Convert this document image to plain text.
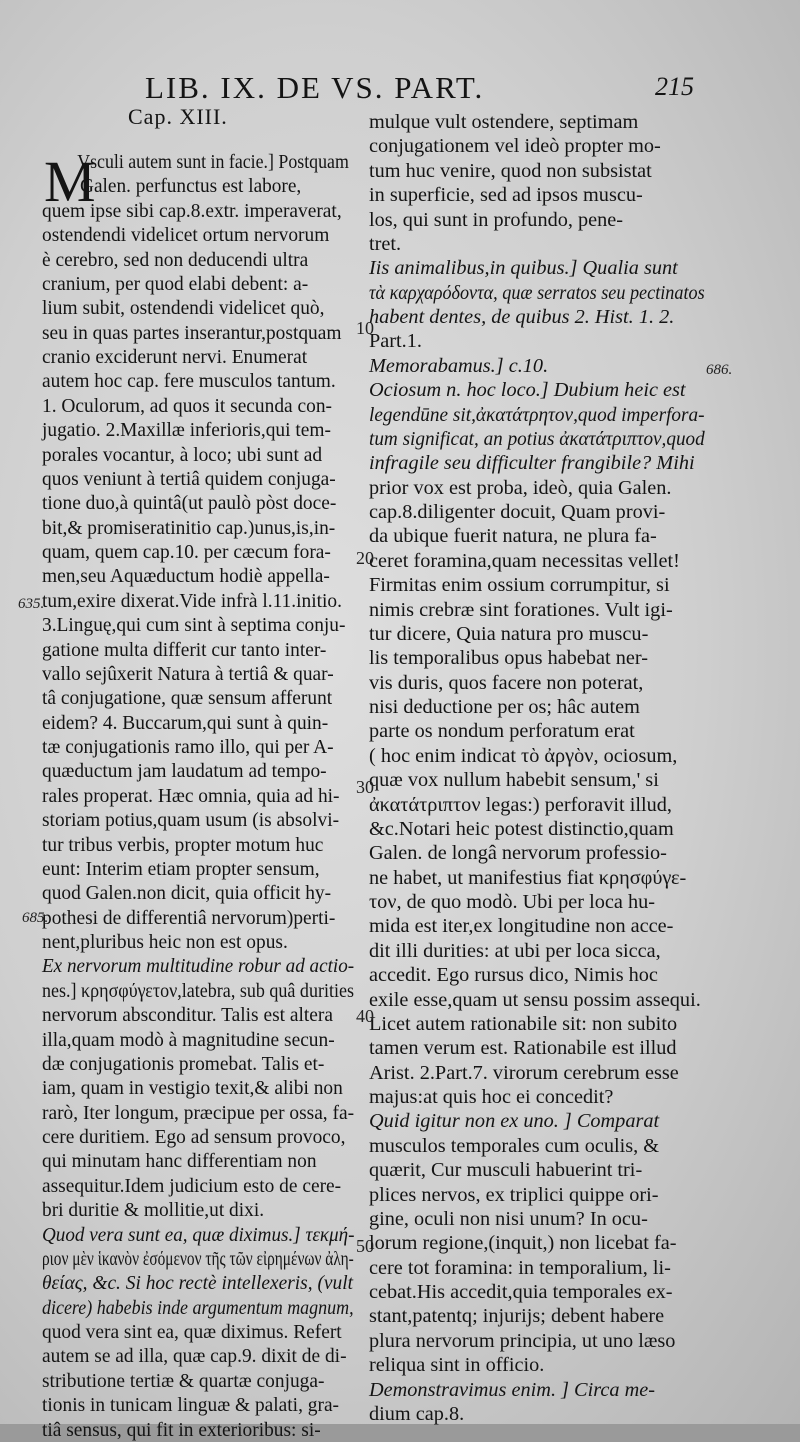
LIB. IX. DE VS. PART.	215
Cap. XIII.
M
Vsculi autem sunt in facie.] Postquam
Galen. perfunctus est labore,
quem ipse sibi cap.8.extr. imperaverat,
ostendendi videlicet ortum nervorum
è cerebro, sed non deducendi ultra
cranium, per quod elabi debent: a-
lium subit, ostendendi videlicet quò,
seu in quas partes inserantur,postquam
cranio exciderunt nervi. Enumerat
autem hoc cap. fere musculos tantum.
1. Oculorum, ad quos it secunda con-
jugatio. 2.Maxillæ inferioris,qui tem-
porales vocantur, à loco; ubi sunt ad
quos veniunt à tertiâ quidem conjuga-
tione duo,à quintâ(ut paulò pòst doce-
bit,& promiseratinitio cap.)unus,is,in-
quam, quem cap.10. per cæcum fora-
men,seu Aquæductum hodiè appella-
tum,exire dixerat.Vide infrà l.11.initio.
3.Linguę,qui cum sint à septima conju-
gatione multa differit cur tanto inter-
vallo sejûxerit Natura à tertiâ & quar-
tâ conjugatione, quæ sensum afferunt
eidem? 4. Buccarum,qui sunt à quin-
tæ conjugationis ramo illo, qui per A-
quæductum jam laudatum ad tempo-
rales properat. Hæc omnia, quia ad hi-
storiam potius,quam usum (is absolvi-
tur tribus verbis, propter motum huc
eunt: Interim etiam propter sensum,
quod Galen.non dicit, quia officit hy-
pothesi de differentiâ nervorum)perti-
nent,pluribus heic non est opus.
Ex nervorum multitudine robur ad actio-
nes.] κρησφύγετον,latebra, sub quâ durities
nervorum absconditur. Talis est altera
illa,quam modò à magnitudine secun-
dæ conjugationis promebat. Talis et-
iam, quam in vestigio texit,& alibi non
rarò, Iter longum, præcipue per ossa, fa-
cere duritiem. Ego ad sensum provoco,
qui minutam hanc differentiam non
assequitur.Idem judicium esto de cere-
bri duritie & mollitie,ut dixi.
Quod vera sunt ea, quæ diximus.] τεκμή-
ριον μὲν ἱκανὸν ἐσόμενον τῆς τῶν εἰρημένων ἀλη-
θείας, &c. Si hoc rectè intellexeris, (vult
dicere) habebis inde argumentum magnum,
quod vera sint ea, quæ diximus. Refert
autem se ad illa, quæ cap.9. dixit de di-
stributione tertiæ & quartæ conjuga-
tionis in tunicam linguæ & palati, gra-
tiâ sensus, qui fit in exterioribus: si-
mulque vult ostendere, septimam
conjugationem vel ideò propter mo-
tum huc venire, quod non subsistat
in superficie, sed ad ipsos muscu-
los, qui sunt in profundo, pene-
tret.
Iis animalibus,in quibus.] Qualia sunt
τὰ καρχαρόδοντα, quæ serratos seu pectinatos
habent dentes, de quibus 2. Hist. 1. 2.
Part.1.
Memorabamus.] c.10.
Ociosum n. hoc loco.] Dubium heic est
legendūne sit,ἀκατάτρητον,quod imperfora-
tum significat, an potius ἀκατάτριπτον,quod
infragile seu difficulter frangibile? Mihi
prior vox est proba, ideò, quia Galen.
cap.8.diligenter docuit, Quam provi-
da ubique fuerit natura, ne plura fa-
ceret foramina,quam necessitas vellet!
Firmitas enim ossium corrumpitur, si
nimis crebræ sint forationes. Vult igi-
tur dicere, Quia natura pro muscu-
lis temporalibus opus habebat ner-
vis duris, quos facere non poterat,
nisi deductione per os; hâc autem
parte os nondum perforatum erat
( hoc enim indicat τὸ ἀργὸν, ociosum,
quæ vox nullum habebit sensum,' si
ἀκατάτριπτον legas:) perforavit illud,
&c.Notari heic potest distinctio,quam
Galen. de longâ nervorum professio-
ne habet, ut manifestius fiat κρησφύγε-
τον, de quo modò. Ubi per loca hu-
mida est iter,ex longitudine non acce-
dit illi durities: at ubi per loca sicca,
accedit. Ego rursus dico, Nimis hoc
exile esse,quam ut sensu possim assequi.
Licet autem rationabile sit: non subito
tamen verum est. Rationabile est illud
Arist. 2.Part.7. virorum cerebrum esse
majus:at quis hoc ei concedit?
Quid igitur non ex uno. ] Comparat
musculos temporales cum oculis, &
quærit, Cur musculi habuerint tri-
plices nervos, ex triplici quippe ori-
gine, oculi non nisi unum? In ocu-
lorum regione,(inquit,) non licebat fa-
cere tot foramina: in temporalium, li-
cebat.His accedit,quia temporales ex-
stant,patentq; injurijs; debent habere
plura nervorum principia, ut uno læso
reliqua sint in officio.
Demonstravimus enim. ] Circa me-
dium cap.8.
635.
685.
686.
10
20
30
40
50
